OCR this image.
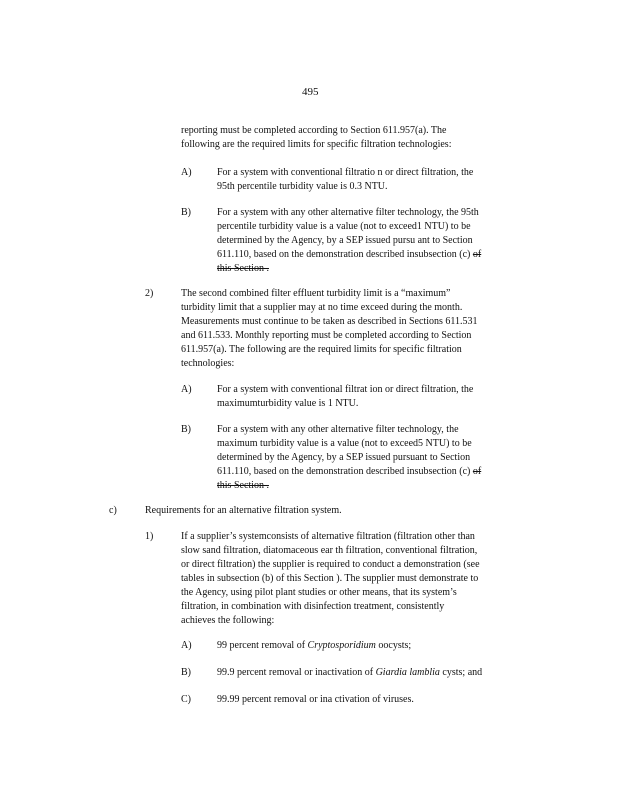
495
reporting must be completed according to Section 611.957(a). The
following are the required limits for specific filtration technologies:
A)	For a system with conventional filtratio n or direct filtration, the
95th percentile turbidity value is 0.3 NTU.
B)	For a system with any other alternative filter technology, the 95th
percentile turbidity value is a value (not to exceed1 NTU) to be
determined by the Agency, by a SEP issued pursu ant to Section
611.110, based on the demonstration described insubsection (c) of
this Section .
2)	The second combined filter effluent turbidity limit is a “maximum”
turbidity limit that a supplier may at no time exceed during the month.
Measurements must continue to be taken as described in Sections 611.531
and 611.533. Monthly reporting must be completed according to Section
611.957(a). The following are the required limits for specific filtration
technologies:
A)	For a system with conventional filtrat ion or direct filtration, the
maximumturbidity value is 1 NTU.
B)	For a system with any other alternative filter technology, the
maximum turbidity value is a value (not to exceed5 NTU) to be
determined by the Agency, by a SEP issued pursuant to Section
611.110, based on the demonstration described insubsection (c) of
this Section .
c)	Requirements for an alternative filtration system.
1)	If a supplier’s systemconsists of alternative filtration (filtration other than
slow sand filtration, diatomaceous ear th filtration, conventional filtration,
or direct filtration) the supplier is required to conduct a demonstration (see
tables in subsection (b) of this Section ). The supplier must demonstrate to
the Agency, using pilot plant studies or other means, that its system’s
filtration, in combination with disinfection treatment, consistently
achieves the following:
A)	99 percent removal of Cryptosporidium oocysts;
B)	99.9 percent removal or inactivation of Giardia lamblia cysts; and
C)	99.99 percent removal or ina ctivation of viruses.
